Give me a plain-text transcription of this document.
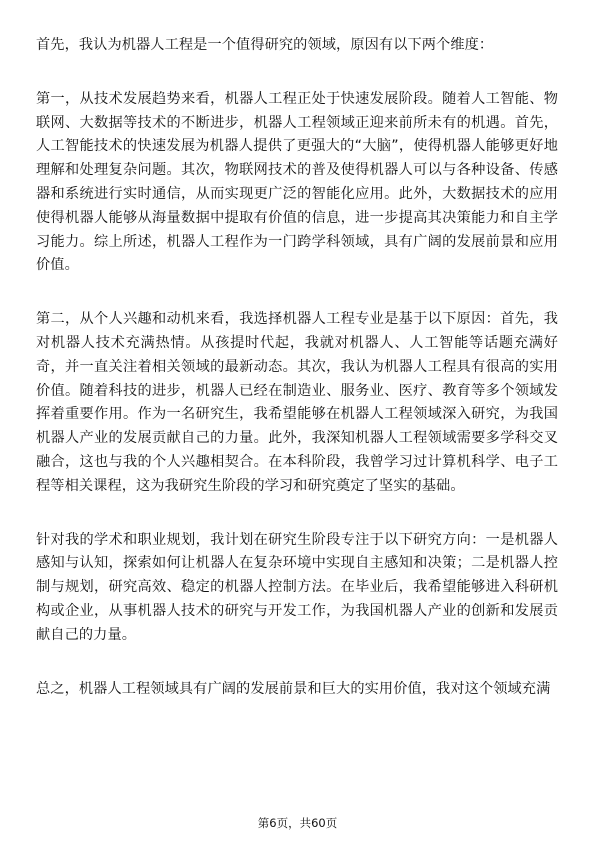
首先，我认为机器人工程是一个值得研究的领域，原因有以下两个维度：

第一，从技术发展趋势来看，机器人工程正处于快速发展阶段。随着人工智能、物联网、大数据等技术的不断进步，机器人工程领域正迎来前所未有的机遇。首先，人工智能技术的快速发展为机器人提供了更强大的“大脑”，使得机器人能够更好地理解和处理复杂问题。其次，物联网技术的普及使得机器人可以与各种设备、传感器和系统进行实时通信，从而实现更广泛的智能化应用。此外，大数据技术的应用使得机器人能够从海量数据中提取有价值的信息，进一步提高其决策能力和自主学习能力。综上所述，机器人工程作为一门跨学科领域，具有广阔的发展前景和应用价值。

第二，从个人兴趣和动机来看，我选择机器人工程专业是基于以下原因：首先，我对机器人技术充满热情。从孩提时代起，我就对机器人、人工智能等话题充满好奇，并一直关注着相关领域的最新动态。其次，我认为机器人工程具有很高的实用价值。随着科技的进步，机器人已经在制造业、服务业、医疗、教育等多个领域发挥着重要作用。作为一名研究生，我希望能够在机器人工程领域深入研究，为我国机器人产业的发展贡献自己的力量。此外，我深知机器人工程领域需要多学科交叉融合，这也与我的个人兴趣相契合。在本科阶段，我曾学习过计算机科学、电子工程等相关课程，这为我研究生阶段的学习和研究奠定了坚实的基础。

针对我的学术和职业规划，我计划在研究生阶段专注于以下研究方向：一是机器人感知与认知，探索如何让机器人在复杂环境中实现自主感知和决策；二是机器人控制与规划，研究高效、稳定的机器人控制方法。在毕业后，我希望能够进入科研机构或企业，从事机器人技术的研究与开发工作，为我国机器人产业的创新和发展贡献自己的力量。

总之，机器人工程领域具有广阔的发展前景和巨大的实用价值，我对这个领域充满

第6页，共60页
